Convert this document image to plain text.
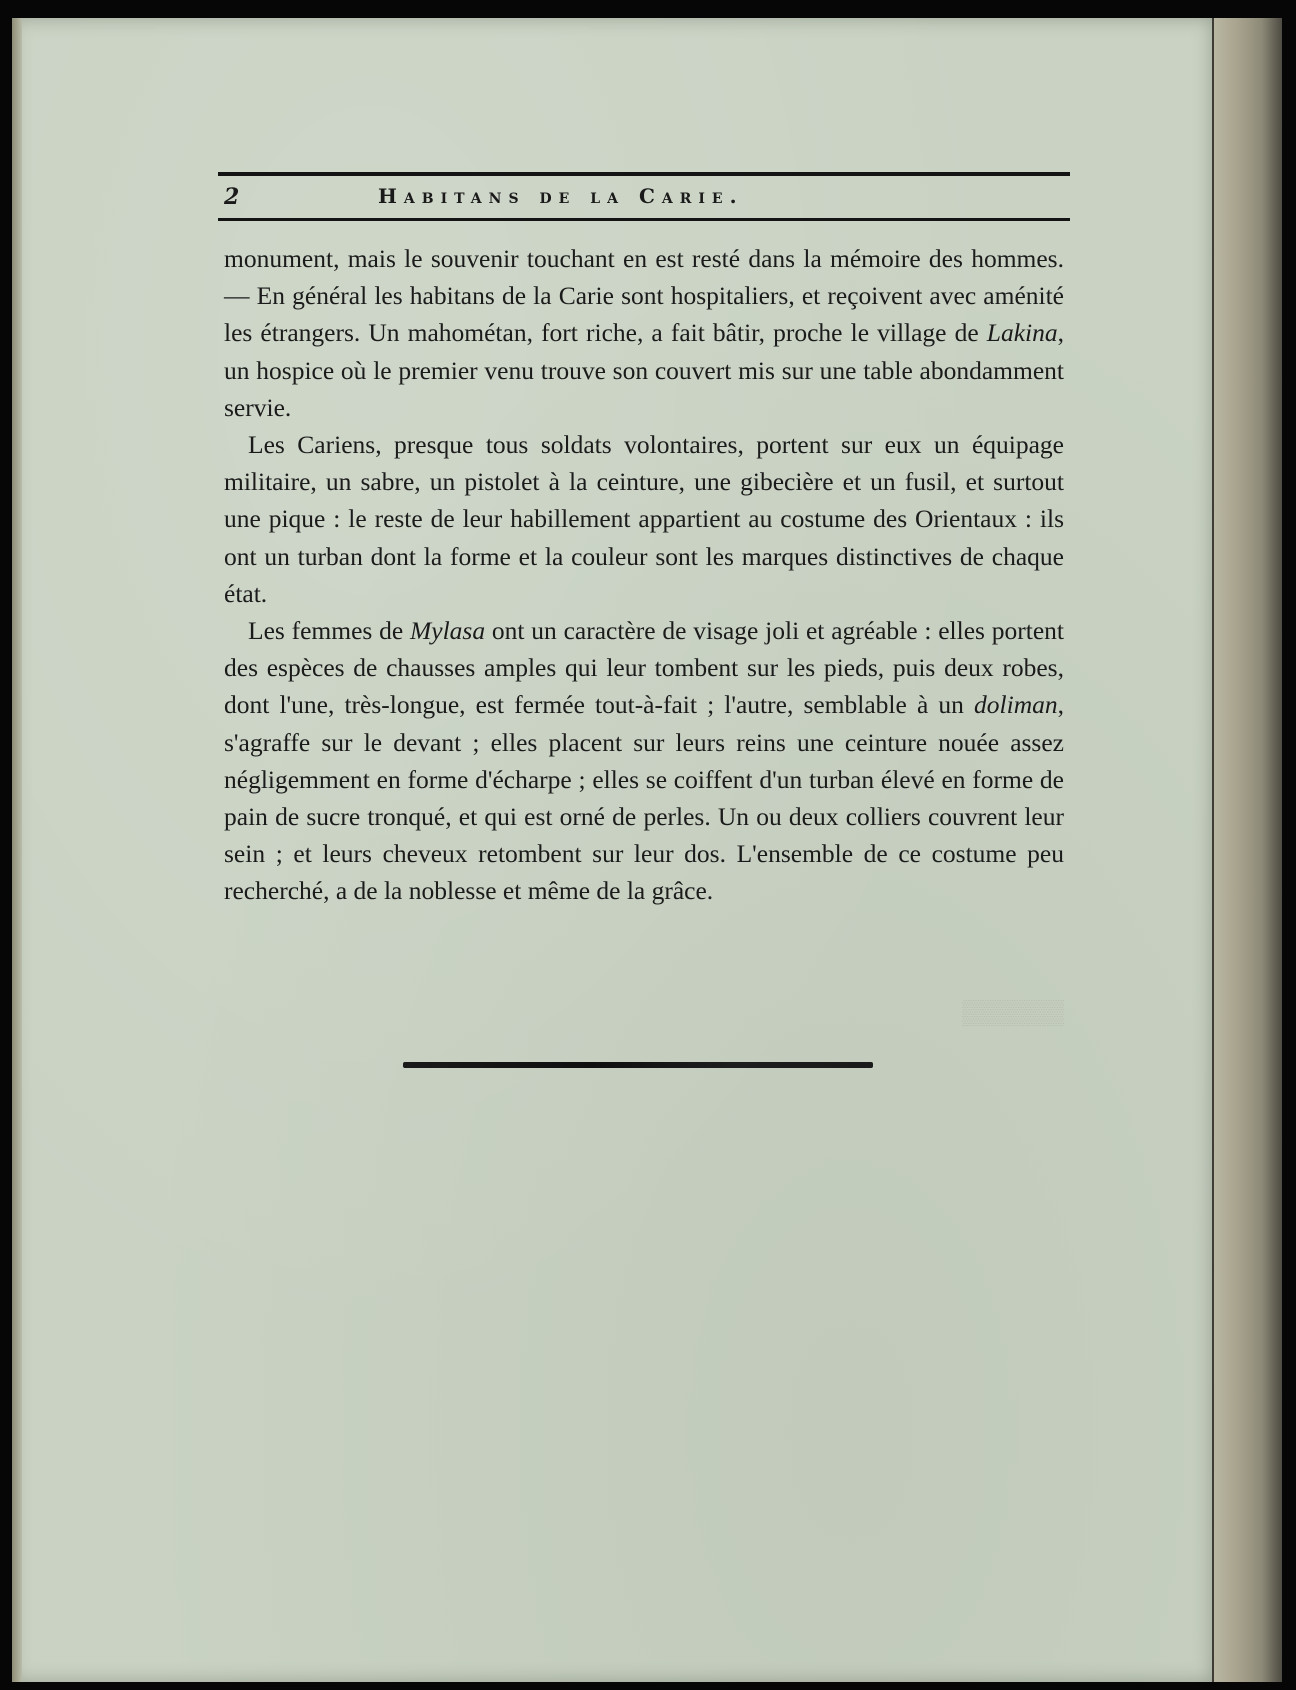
▒▒▒▒▒▒
2	Habitans de la Carie.

monument, mais le souvenir touchant en est resté dans la mémoire des hommes. — En général les habitans de la Carie sont hospitaliers, et reçoivent avec aménité les étrangers. Un mahométan, fort riche, a fait bâtir, proche le village de Lakina, un hospice où le premier venu trouve son couvert mis sur une table abondamment servie.

Les Cariens, presque tous soldats volontaires, portent sur eux un équipage militaire, un sabre, un pistolet à la ceinture, une gibecière et un fusil, et surtout une pique : le reste de leur habillement appartient au costume des Orientaux : ils ont un turban dont la forme et la couleur sont les marques distinctives de chaque état.

Les femmes de Mylasa ont un caractère de visage joli et agréable : elles portent des espèces de chausses amples qui leur tombent sur les pieds, puis deux robes, dont l'une, très-longue, est fermée tout-à-fait ; l'autre, semblable à un doliman, s'agraffe sur le devant ; elles placent sur leurs reins une ceinture nouée assez négligemment en forme d'écharpe ; elles se coiffent d'un turban élevé en forme de pain de sucre tronqué, et qui est orné de perles. Un ou deux colliers couvrent leur sein ; et leurs cheveux retombent sur leur dos. L'ensemble de ce costume peu recherché, a de la noblesse et même de la grâce.
